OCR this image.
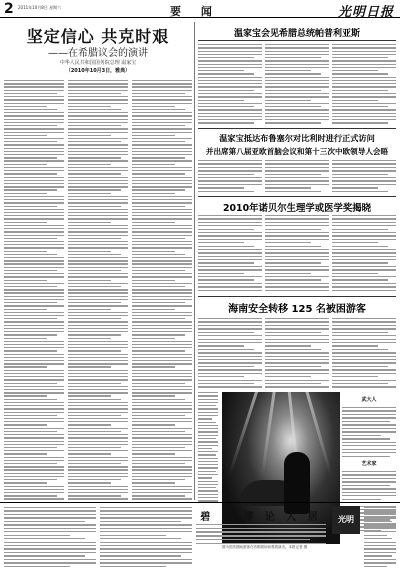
2 2011年10月8日 星期六	要 闻	光明日报
坚定信心 共克时艰
——在希腊议会的演讲
中华人民共和国国务院总理 温家宝
（2010年10月3日，雅典）
温家宝会见希腊总统帕普利亚斯
温家宝抵达布鲁塞尔对比利时进行正式访问
并出席第八届亚欧首脑会议和第十三次中欧领导人会晤
2010年诺贝尔生理学或医学奖揭晓
海南安全转移 125 名被困游客
图为国庆期间游客在首都剧场前观看演出。本报记者 摄
武大人
艺术家
碧 世 博 论 人 居	光明
